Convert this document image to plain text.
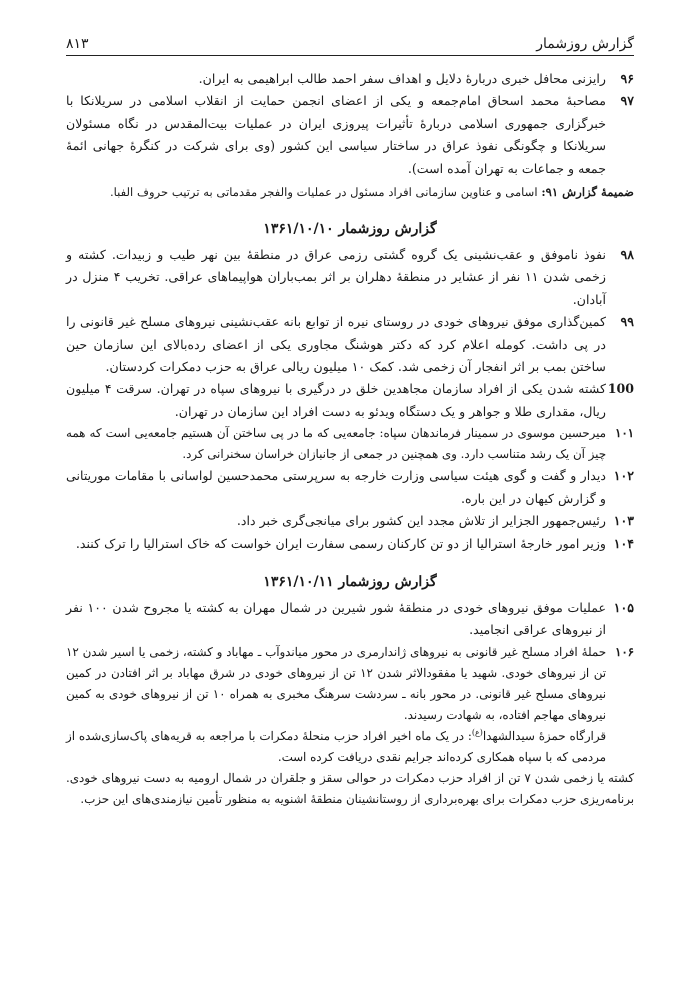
گزارش روزشمار
۸۱۳
۹۶
رایزنی محافل خبری دربارهٔ دلایل و اهداف سفر احمد طالب ابراهیمی به ایران.
۹۷
مصاحبهٔ محمد اسحاق امام‌جمعه و یکی از اعضای انجمن حمایت از انقلاب اسلامی در سریلانکا با خبرگزاری جمهوری اسلامی دربارهٔ تأثیرات پیروزی ایران در عملیات بیت‌المقدس در نگاه مسئولان سریلانکا و چگونگی نفوذ عراق در ساختار سیاسی این کشور (وی برای شرکت در کنگرهٔ جهانی ائمهٔ جمعه و جماعات به تهران آمده است).
ضمیمهٔ گزارش ۹۱: اسامی و عناوین سازمانی افراد مسئول در عملیات والفجر مقدماتی به ترتیب حروف الفبا.
گزارش روزشمار ۱۳۶۱/۱۰/۱۰
۹۸
نفوذ ناموفق و عقب‌نشینی یک گروه گشتی رزمی عراق در منطقهٔ بین نهر طیب و زبیدات. کشته و زخمی شدن ۱۱ نفر از عشایر در منطقهٔ دهلران بر اثر بمب‌باران هواپیماهای عراقی. تخریب ۴ منزل در آبادان.
۹۹
کمین‌گذاری موفق نیروهای خودی در روستای نیره از توابع بانه عقب‌نشینی نیروهای مسلح غیر قانونی را در پی داشت. کومله اعلام کرد که دکتر هوشنگ مجاوری یکی از اعضای رده‌بالای این سازمان حین ساختن بمب بر اثر انفجار آن زخمی شد. کمک ۱۰ میلیون ریالی عراق به حزب دمکرات کردستان.
100
کشته شدن یکی از افراد سازمان مجاهدین خلق در درگیری با نیروهای سپاه در تهران. سرقت ۴ میلیون ریال، مقداری طلا و جواهر و یک دستگاه ویدئو به دست افراد این سازمان در تهران.
۱۰۱
میرحسین موسوی در سمینار فرماندهان سپاه: جامعه‌یی که ما در پی ساختن آن هستیم جامعه‌یی است که همه چیز آن یک رشد متناسب دارد. وی همچنین در جمعی از جانبازان خراسان سخنرانی کرد.
۱۰۲
دیدار و گفت و گوی هیئت سیاسی وزارت خارجه به سرپرستی محمدحسین لواسانی با مقامات موریتانی و گزارش کیهان در این باره.
۱۰۳
رئیس‌جمهور الجزایر از تلاش مجدد این کشور برای میانجی‌گری خبر داد.
۱۰۴
وزیر امور خارجهٔ استرالیا از دو تن کارکنان رسمی سفارت ایران خواست که خاک استرالیا را ترک کنند.
گزارش روزشمار ۱۳۶۱/۱۰/۱۱
۱۰۵
عملیات موفق نیروهای خودی در منطقهٔ شور شیرین در شمال مهران به کشته یا مجروح شدن ۱۰۰ نفر از نیروهای عراقی انجامید.
۱۰۶
حملهٔ افراد مسلح غیر قانونی به نیروهای ژاندارمری در محور میاندوآب ـ مهاباد و کشته، زخمی یا اسیر شدن ۱۲ تن از نیروهای خودی. شهید یا مفقودالاثر شدن ۱۲ تن از نیروهای خودی در شرق مهاباد بر اثر افتادن در کمین نیروهای مسلح غیر قانونی. در محور بانه ـ سردشت سرهنگ مخبری به همراه ۱۰ تن از نیروهای خودی به کمین نیروهای مهاجم افتاده، به شهادت رسیدند.
قرارگاه حمزهٔ سیدالشهدا$^{(ع)}$: در یک ماه اخیر افراد حزب منحلهٔ دمکرات با مراجعه به قریه‌های پاک‌سازی‌شده از مردمی که با سپاه همکاری کرده‌اند جرایم نقدی دریافت کرده است.
کشته یا زخمی شدن ۷ تن از افراد حزب دمکرات در حوالی سقز و جلقران در شمال ارومیه به دست نیروهای خودی. برنامه‌ریزی حزب دمکرات برای بهره‌برداری از روستانشینان منطقهٔ اشنویه به منظور تأمین نیازمندی‌های این حزب.
